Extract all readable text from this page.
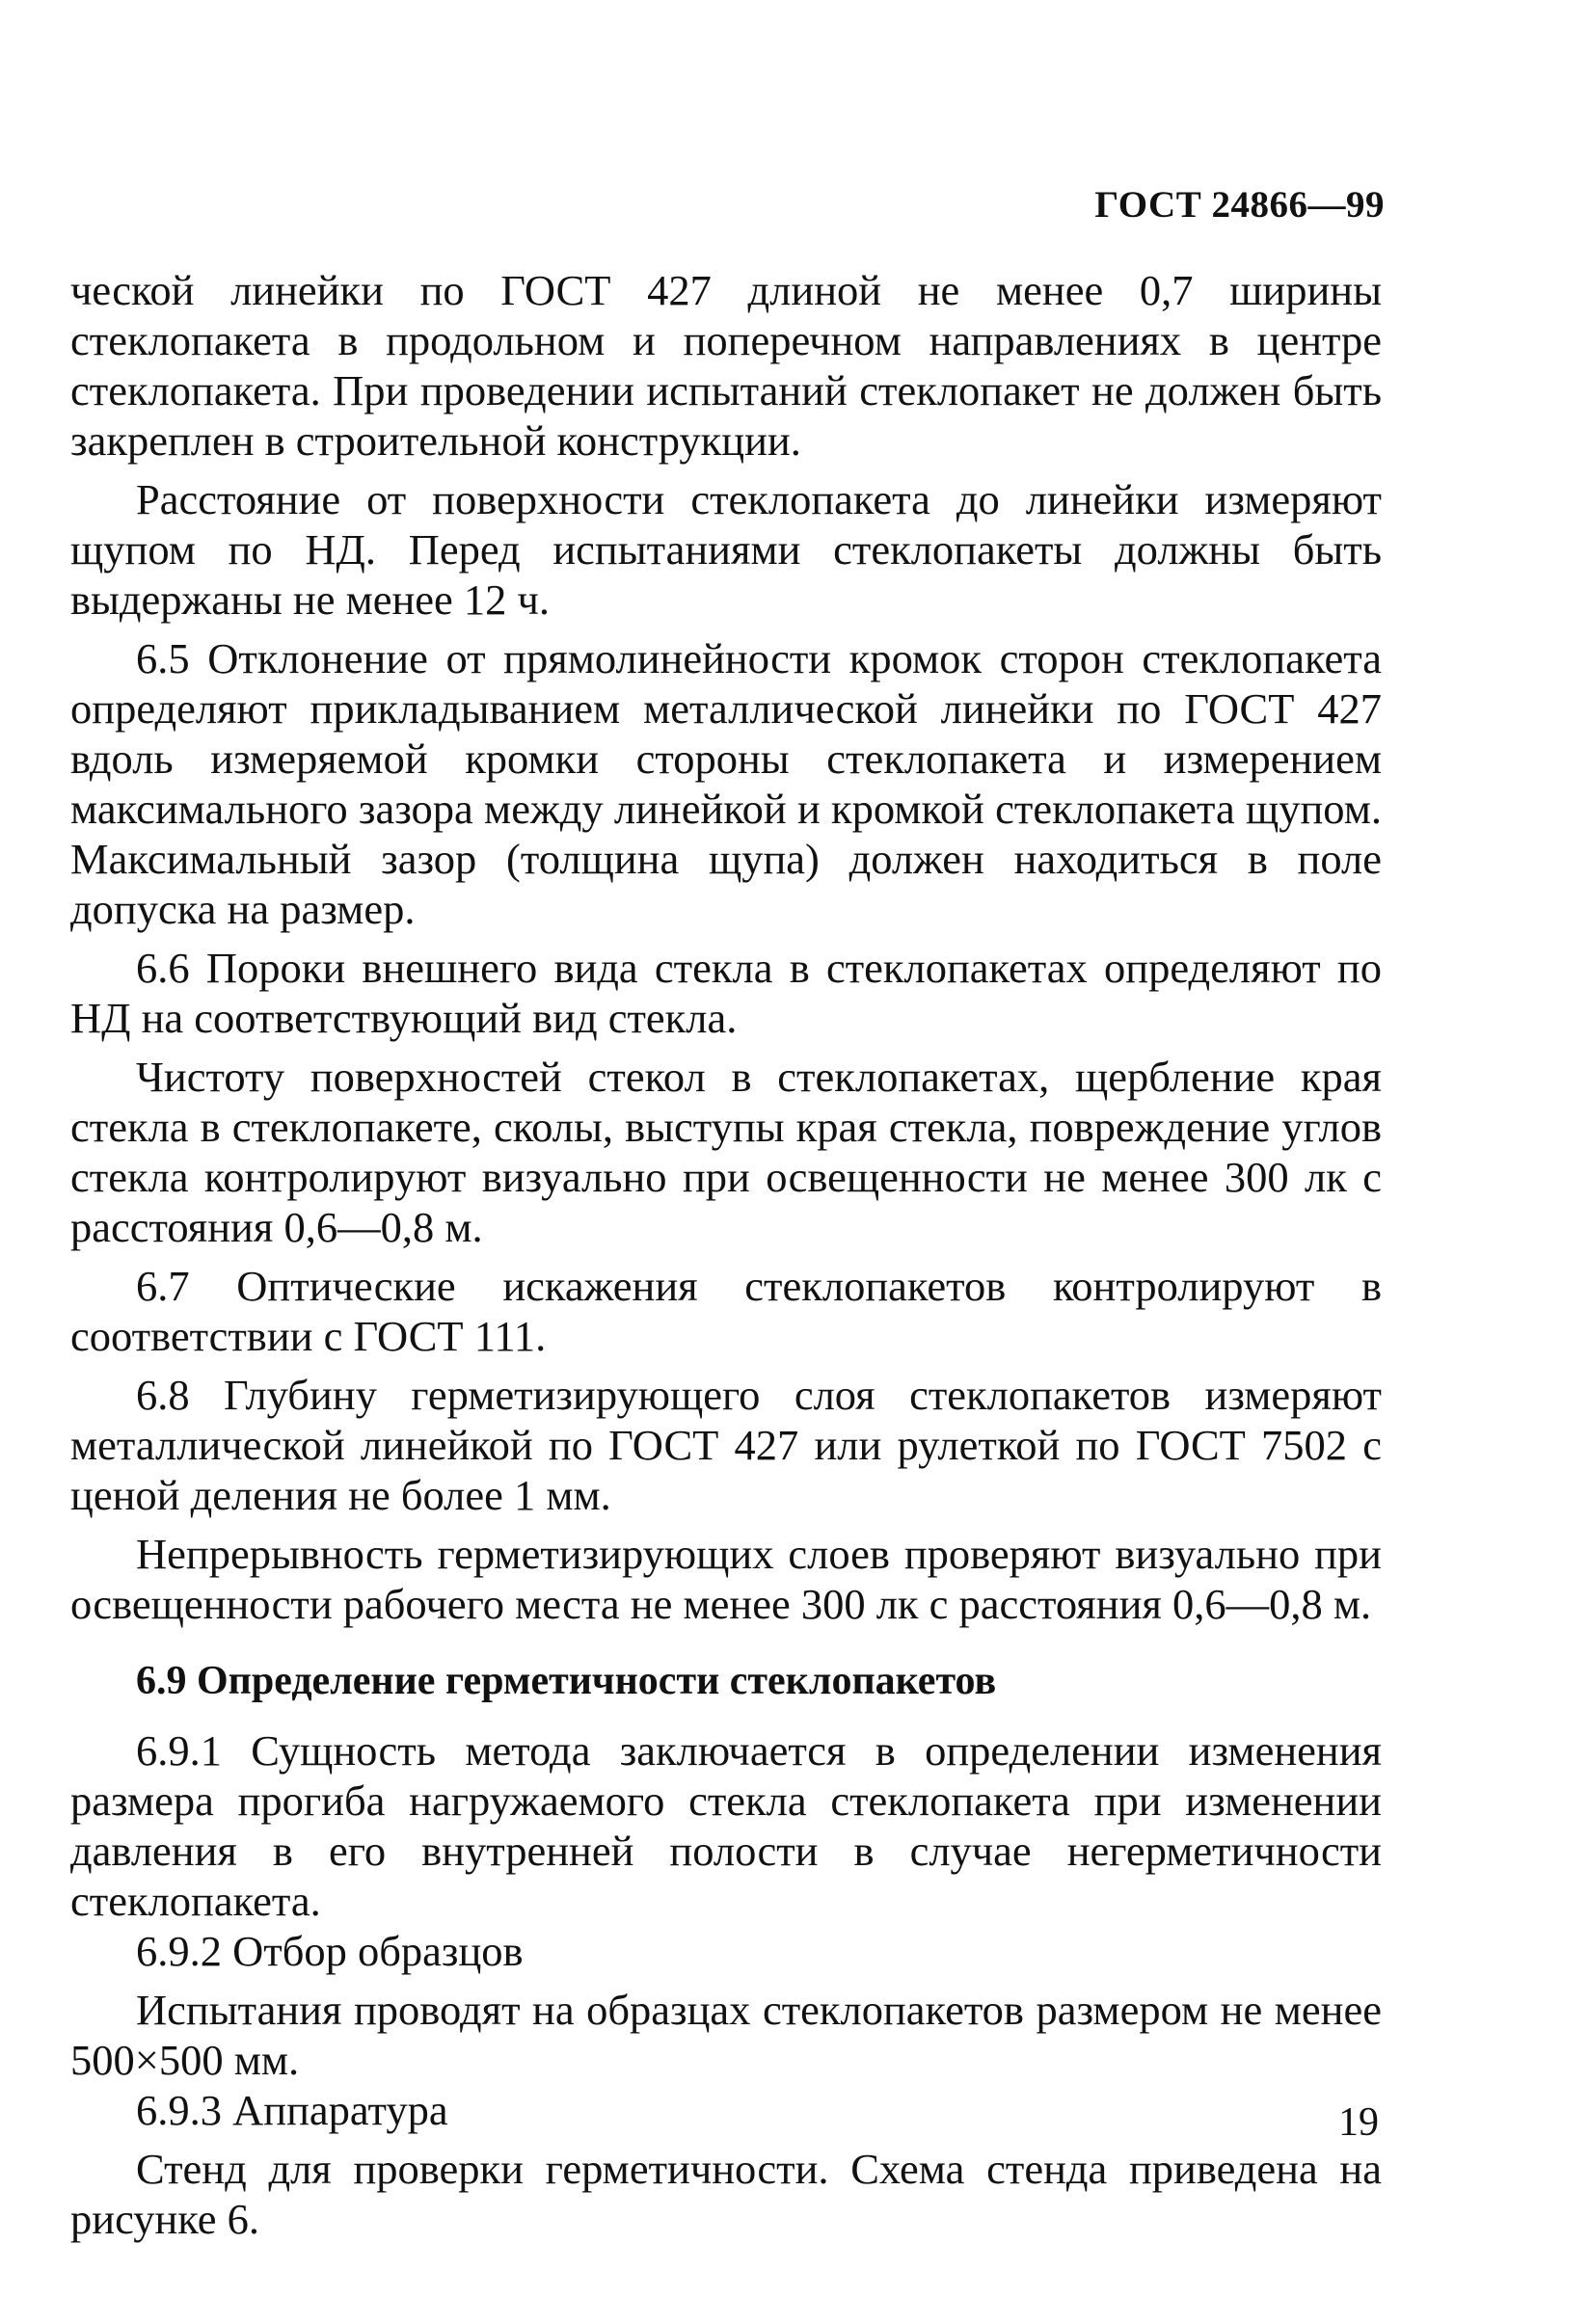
ГОСТ 24866—99

ческой линейки по ГОСТ 427 длиной не менее 0,7 ширины стеклопакета в продольном и поперечном направлениях в центре стеклопакета. При проведении испытаний стеклопакет не должен быть закреплен в строительной конструкции.

Расстояние от поверхности стеклопакета до линейки измеряют щупом по НД. Перед испытаниями стеклопакеты должны быть выдержаны не менее 12 ч.

6.5 Отклонение от прямолинейности кромок сторон стеклопакета определяют прикладыванием металлической линейки по ГОСТ 427 вдоль измеряемой кромки стороны стеклопакета и измерением максимального зазора между линейкой и кромкой стеклопакета щупом. Максимальный зазор (толщина щупа) должен находиться в поле допуска на размер.

6.6 Пороки внешнего вида стекла в стеклопакетах определяют по НД на соответствующий вид стекла.

Чистоту поверхностей стекол в стеклопакетах, щербление края стекла в стеклопакете, сколы, выступы края стекла, повреждение углов стекла контролируют визуально при освещенности не менее 300 лк с расстояния 0,6—0,8 м.

6.7 Оптические искажения стеклопакетов контролируют в соответствии с ГОСТ 111.

6.8 Глубину герметизирующего слоя стеклопакетов измеряют металлической линейкой по ГОСТ 427 или рулеткой по ГОСТ 7502 с ценой деления не более 1 мм.

Непрерывность герметизирующих слоев проверяют визуально при освещенности рабочего места не менее 300 лк с расстояния 0,6—0,8 м.

6.9 Определение герметичности стеклопакетов

6.9.1 Сущность метода заключается в определении изменения размера прогиба нагружаемого стекла стеклопакета при изменении давления в его внутренней полости в случае негерметичности стеклопакета.

6.9.2 Отбор образцов

Испытания проводят на образцах стеклопакетов размером не менее 500×500 мм.

6.9.3 Аппаратура

Стенд для проверки герметичности. Схема стенда приведена на рисунке 6.

19
